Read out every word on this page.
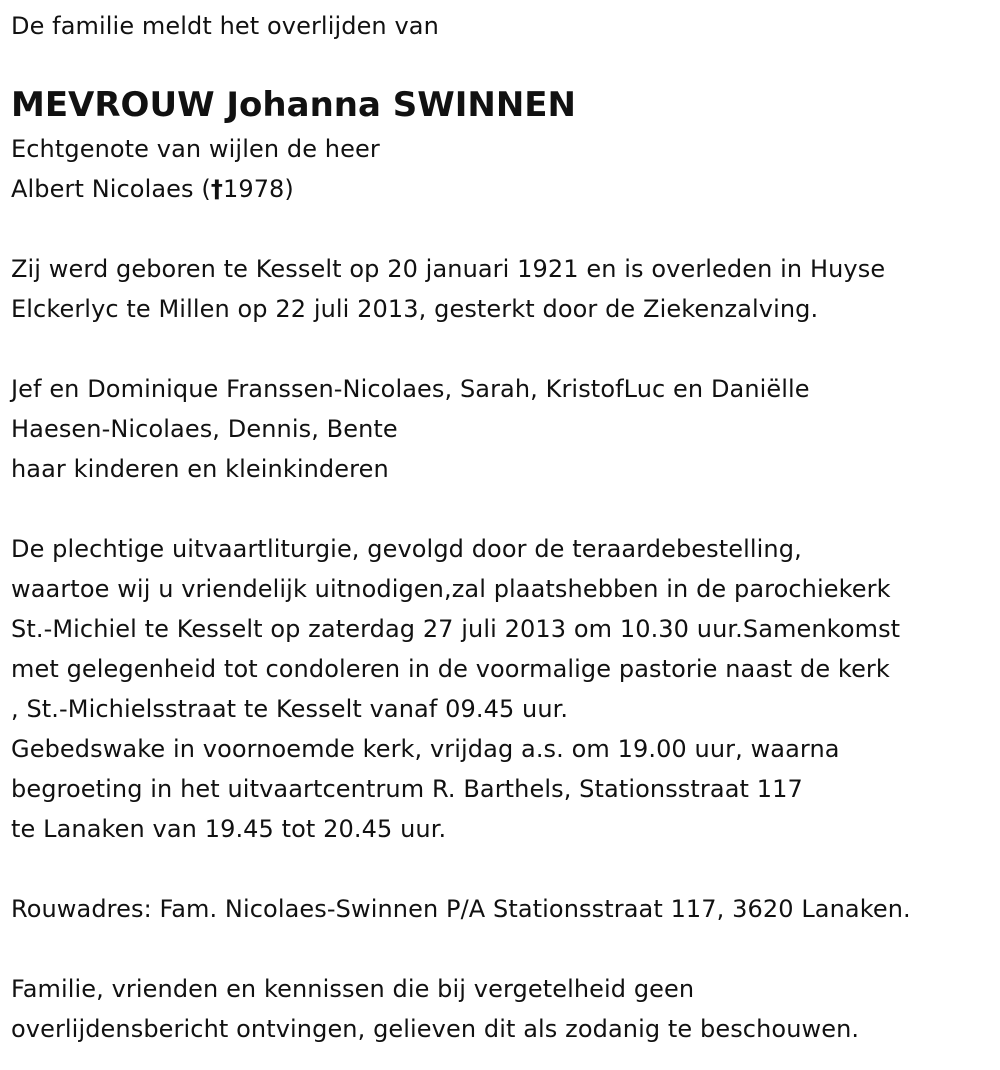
De familie meldt het overlijden van
MEVROUW Johanna SWINNEN
Echtgenote van wijlen de heer
Albert Nicolaes (†1978)
Zij werd geboren te Kesselt op 20 januari 1921 en is overleden in Huyse
Elckerlyc te Millen op 22 juli 2013, gesterkt door de Ziekenzalving.
Jef en Dominique Franssen-Nicolaes, Sarah, KristofLuc en Daniëlle
Haesen-Nicolaes, Dennis, Bente
haar kinderen en kleinkinderen
De plechtige uitvaartliturgie, gevolgd door de teraardebestelling,
waartoe wij u vriendelijk uitnodigen,zal plaatshebben in de parochiekerk
St.-Michiel te Kesselt op zaterdag 27 juli 2013 om 10.30 uur.Samenkomst
met gelegenheid tot condoleren in de voormalige pastorie naast de kerk
, St.-Michielsstraat te Kesselt vanaf 09.45 uur.
Gebedswake in voornoemde kerk, vrijdag a.s. om 19.00 uur, waarna
begroeting in het uitvaartcentrum R. Barthels, Stationsstraat 117
te Lanaken van 19.45 tot 20.45 uur.
Rouwadres: Fam. Nicolaes-Swinnen P/A Stationsstraat 117, 3620 Lanaken.
Familie, vrienden en kennissen die bij vergetelheid geen
overlijdensbericht ontvingen, gelieven dit als zodanig te beschouwen.
